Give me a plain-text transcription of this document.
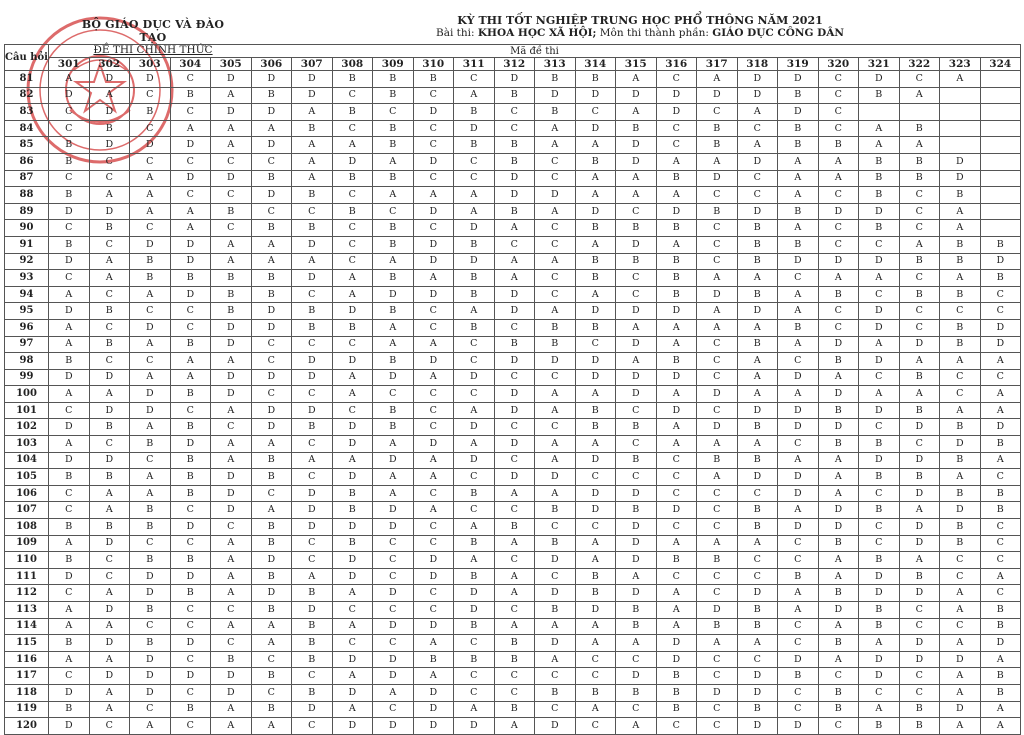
BỘ GIÁO DỤC VÀ ĐÀO TẠO
ĐỀ THI CHÍNH THỨC
KỲ THI TỐT NGHIỆP TRUNG HỌC PHỔ THÔNG NĂM 2021
Bài thi: KHOA HỌC XÃ HỘI; Môn thi thành phần: GIÁO DỤC CÔNG DÂN
Câu hỏi	Mã đề thi																							
	301	302	303	304	305	306	307	308	309	310	311	312	313	314	315	316	317	318	319	320	321	322	323	324
81	A	D	D	C	D	D	D	B	B	B	C	D	B	B	A	C	A	D	D	C	D	C	A	
82	D	A	C	B	A	B	D	C	B	C	A	B	D	D	D	D	D	D	B	C	B	A		
83	C	D	B	C	D	D	A	B	C	D	B	C	B	C	A	D	C	A	D	C				
84	C	B	C	A	A	A	B	C	B	C	D	C	A	D	B	C	B	C	B	C	A	B		
85	B	D	D	D	A	D	A	A	B	C	B	B	A	A	D	C	B	A	B	B	A	A		
86	B	C	C	C	C	C	A	D	A	D	C	B	C	B	D	A	A	D	A	A	B	B	D	
87	C	C	A	D	D	B	A	B	B	C	C	D	C	A	A	B	D	C	A	A	B	B	D	
88	B	A	A	C	C	D	B	C	A	A	A	D	D	A	A	A	C	C	A	C	B	C	B	
89	D	D	A	A	B	C	C	B	C	D	A	B	A	D	C	D	B	D	B	D	D	C	A	
90	C	B	C	A	C	B	B	C	B	C	D	A	C	B	B	B	C	B	A	C	B	C	A	
91	B	C	D	D	A	A	D	C	B	D	B	C	C	A	D	A	C	B	B	C	C	A	B	B
92	D	A	B	D	A	A	A	C	A	D	D	A	A	B	B	B	C	B	D	D	D	B	B	D
93	C	A	B	B	B	B	D	A	B	A	B	A	C	B	C	B	A	A	C	A	A	C	A	B
94	A	C	A	D	B	B	C	A	D	D	B	D	C	A	C	B	D	B	A	B	C	B	B	C
95	D	B	C	C	B	D	B	D	B	C	A	D	A	D	D	D	A	D	A	C	D	C	C	C
96	A	C	D	C	D	D	B	B	A	C	B	C	B	B	A	A	A	A	B	C	D	C	B	D
97	A	B	A	B	D	C	C	C	A	A	C	B	B	C	D	A	C	B	A	D	A	D	B	D
98	B	C	C	A	A	C	D	D	B	D	C	D	D	D	A	B	C	A	C	B	D	A	A	A
99	D	D	A	A	D	D	D	A	D	A	D	C	C	D	D	D	C	A	D	A	C	B	C	C
100	A	A	D	B	D	C	C	A	C	C	C	D	A	A	D	A	D	A	A	D	A	A	C	A
101	C	D	D	C	A	D	D	C	B	C	A	D	A	B	C	D	C	D	D	B	D	B	A	A
102	D	B	A	B	C	D	B	D	B	C	D	C	C	B	B	A	D	B	D	D	C	D	B	D
103	A	C	B	D	A	A	C	D	A	D	A	D	A	A	C	A	A	A	C	B	B	C	D	B
104	D	D	C	B	A	B	A	A	D	A	D	C	A	D	B	C	B	B	A	A	D	D	B	A
105	B	B	A	B	D	B	C	D	A	A	C	D	D	C	C	C	A	D	D	A	B	B	A	C
106	C	A	A	B	D	C	D	B	A	C	B	A	A	D	D	C	C	C	D	A	C	D	B	B
107	C	A	B	C	D	A	D	B	D	A	C	C	B	D	B	D	C	B	A	D	B	A	D	B
108	B	B	B	D	C	B	D	D	D	C	A	B	C	C	D	C	C	B	D	D	C	D	B	C
109	A	D	C	C	A	B	C	B	C	C	B	A	B	A	D	A	A	A	C	B	C	D	B	C
110	B	C	B	B	A	D	C	D	C	D	A	C	D	A	D	B	B	C	C	A	B	A	C	C
111	D	C	D	D	A	B	A	D	C	D	B	A	C	B	A	C	C	C	B	A	D	B	C	A
112	C	A	D	B	A	D	B	A	D	C	D	A	D	B	D	A	C	D	A	B	D	D	A	C
113	A	D	B	C	C	B	D	C	C	C	D	C	B	D	B	A	D	B	A	D	B	C	A	B
114	A	A	C	C	A	A	B	A	D	D	B	A	A	A	B	A	B	B	C	A	B	C	C	B
115	B	D	B	D	C	A	B	C	C	A	C	B	D	A	A	D	A	A	C	B	A	D	A	D
116	A	A	D	C	B	C	B	D	D	B	B	B	A	C	C	D	C	C	D	A	D	D	D	A
117	C	D	D	D	D	B	C	A	D	A	C	C	C	C	D	B	C	D	B	C	D	C	A	B
118	D	A	D	C	D	C	B	D	A	D	C	C	B	B	B	B	D	D	C	B	C	C	A	B
119	B	A	C	B	A	B	D	A	C	D	A	B	C	A	C	B	C	B	C	B	A	B	D	A
120	D	C	A	C	A	A	C	D	D	D	D	A	D	C	A	C	C	D	D	C	B	B	A	A
